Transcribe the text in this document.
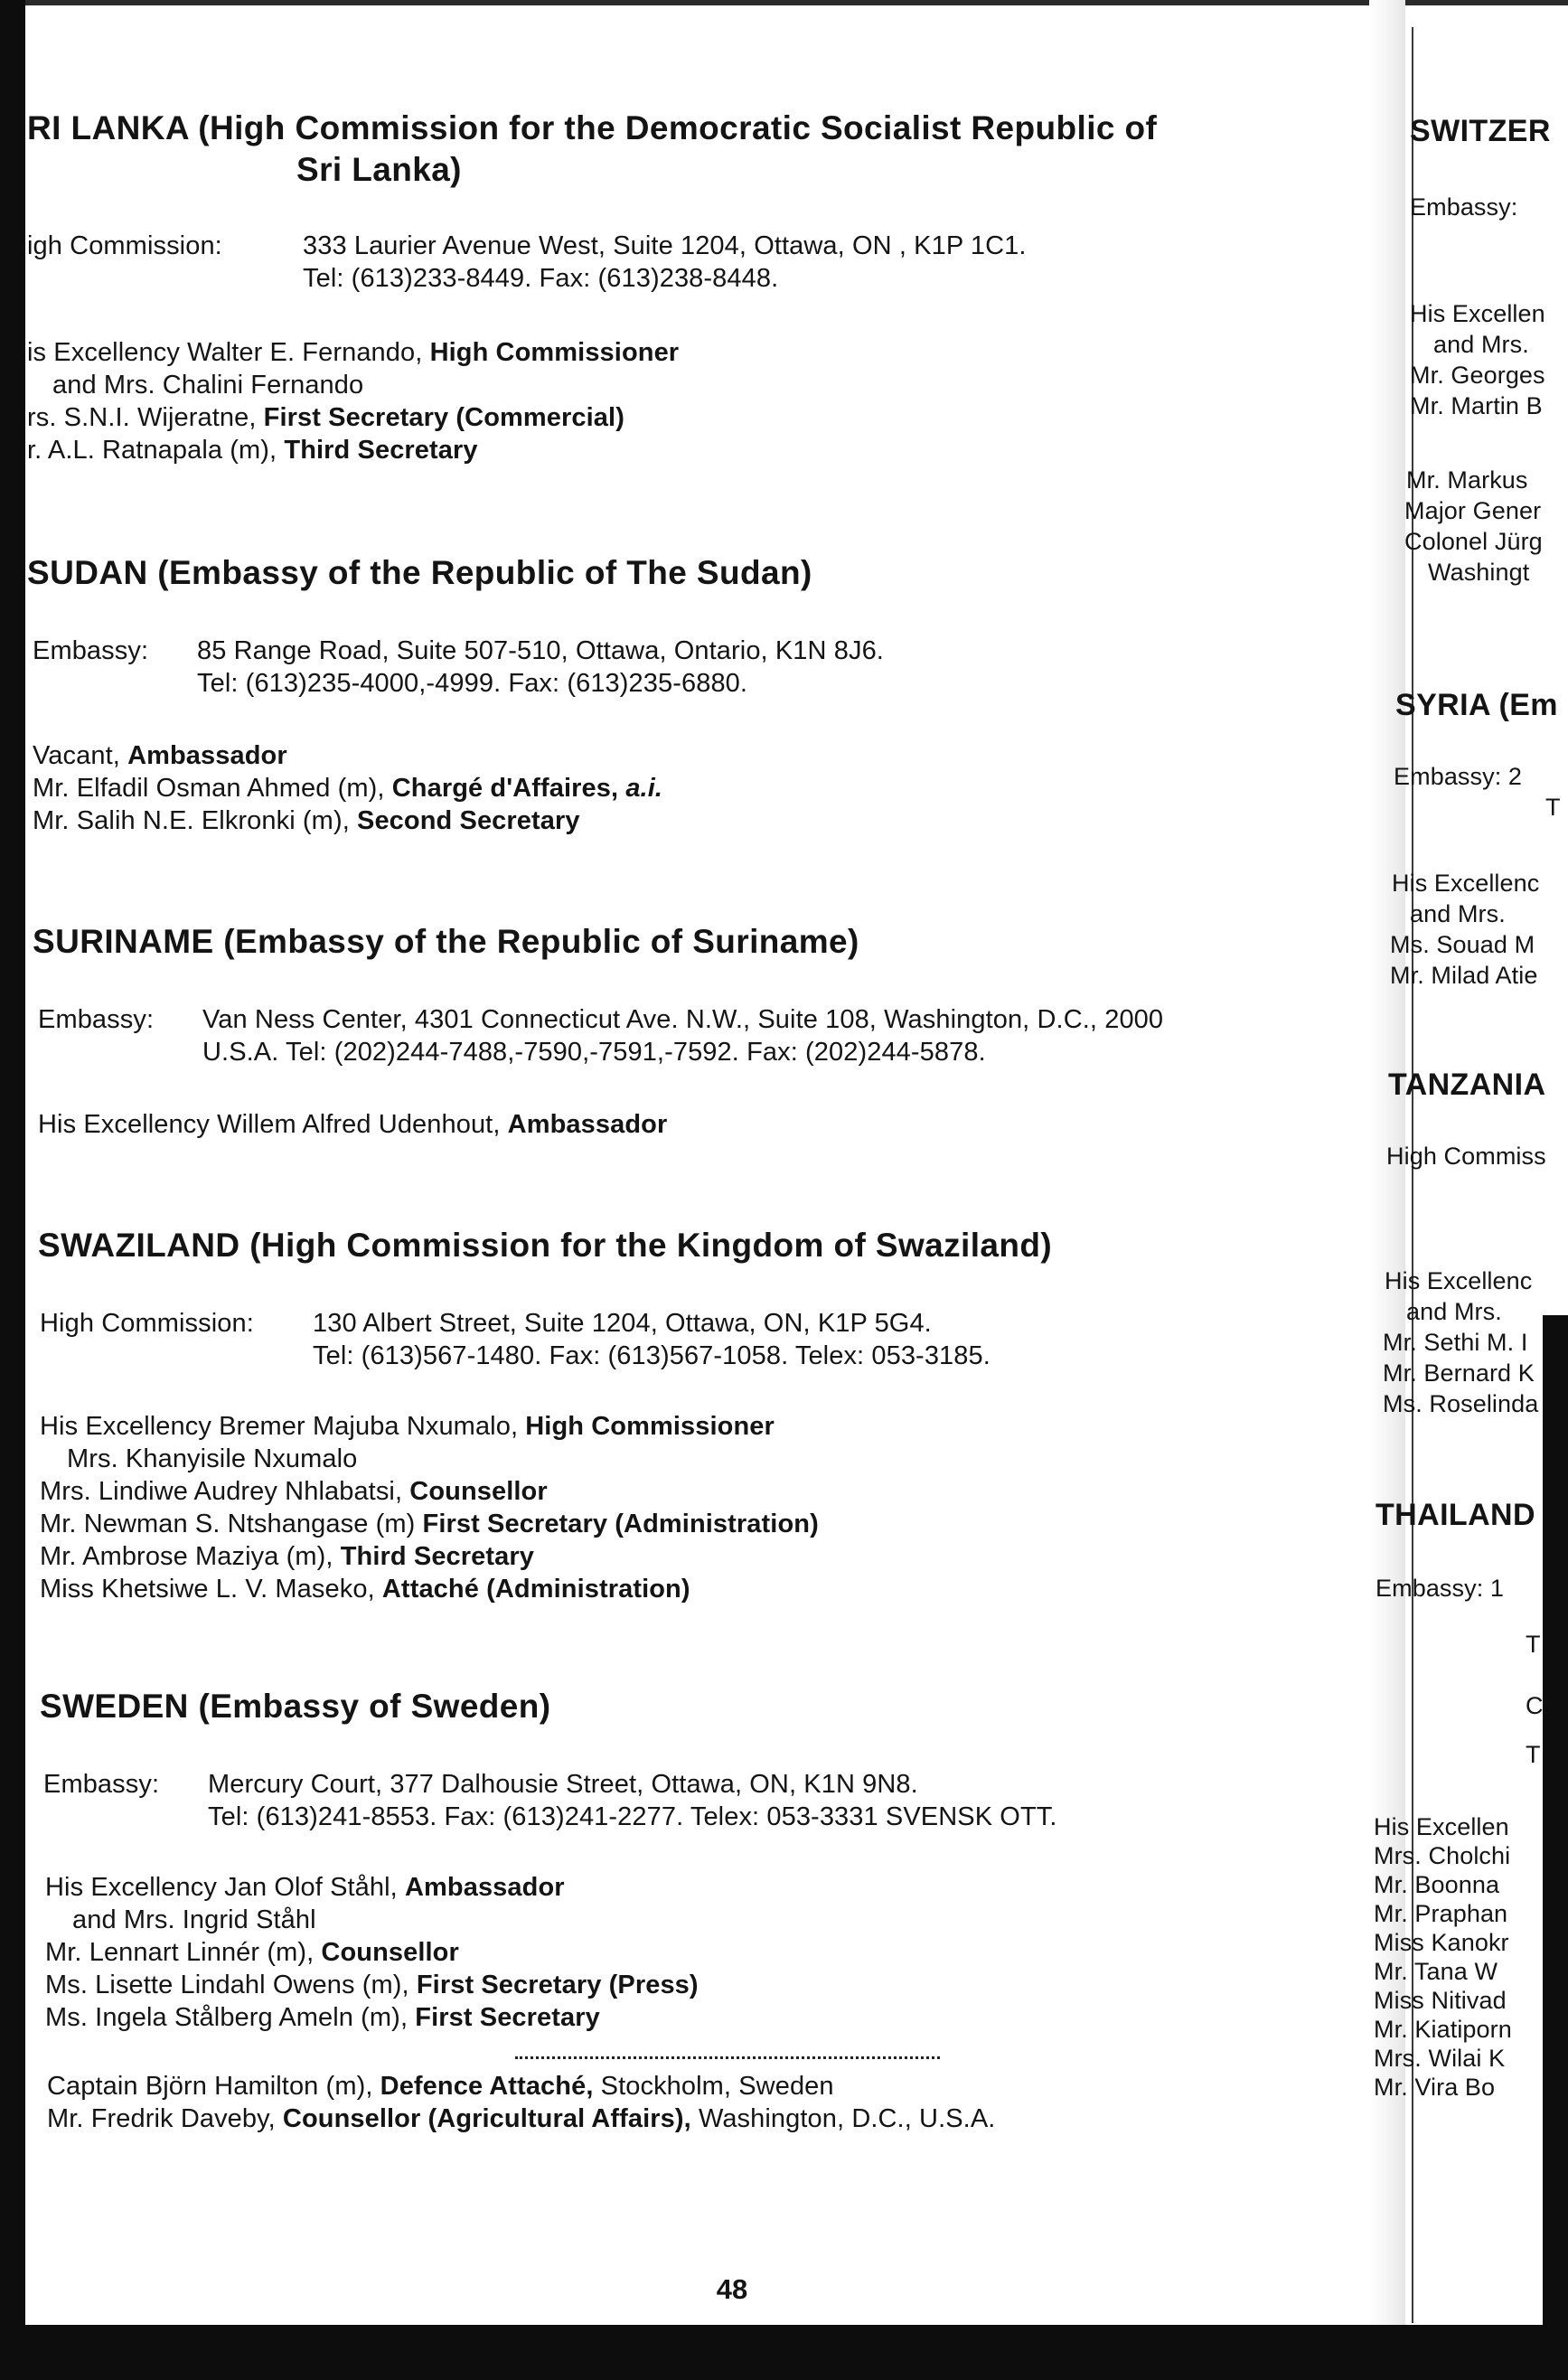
RI LANKA (High Commission for the Democratic Socialist Republic of
Sri Lanka)
igh Commission:	333 Laurier Avenue West, Suite 1204, Ottawa, ON , K1P 1C1.
Tel: (613)233-8449. Fax: (613)238-8448.
is Excellency Walter E. Fernando, High Commissioner
and Mrs. Chalini Fernando
rs. S.N.I. Wijeratne, First Secretary (Commercial)
r. A.L. Ratnapala (m), Third Secretary
SUDAN (Embassy of the Republic of The Sudan)
Embassy: 85 Range Road, Suite 507-510, Ottawa, Ontario, K1N 8J6.
Tel: (613)235-4000,-4999. Fax: (613)235-6880.
Vacant, Ambassador
Mr. Elfadil Osman Ahmed (m), Chargé d'Affaires, a.i.
Mr. Salih N.E. Elkronki (m), Second Secretary
SURINAME (Embassy of the Republic of Suriname)
Embassy: Van Ness Center, 4301 Connecticut Ave. N.W., Suite 108, Washington, D.C., 2000
U.S.A. Tel: (202)244-7488,-7590,-7591,-7592. Fax: (202)244-5878.
His Excellency Willem Alfred Udenhout, Ambassador
SWAZILAND (High Commission for the Kingdom of Swaziland)
High Commission: 130 Albert Street, Suite 1204, Ottawa, ON, K1P 5G4.
Tel: (613)567-1480. Fax: (613)567-1058. Telex: 053-3185.
His Excellency Bremer Majuba Nxumalo, High Commissioner
Mrs. Khanyisile Nxumalo
Mrs. Lindiwe Audrey Nhlabatsi, Counsellor
Mr. Newman S. Ntshangase (m) First Secretary (Administration)
Mr. Ambrose Maziya (m), Third Secretary
Miss Khetsiwe L. V. Maseko, Attaché (Administration)
SWEDEN (Embassy of Sweden)
Embassy: Mercury Court, 377 Dalhousie Street, Ottawa, ON, K1N 9N8.
Tel: (613)241-8553. Fax: (613)241-2277. Telex: 053-3331 SVENSK OTT.
His Excellency Jan Olof Ståhl, Ambassador
and Mrs. Ingrid Ståhl
Mr. Lennart Linnér (m), Counsellor
Ms. Lisette Lindahl Owens (m), First Secretary (Press)
Ms. Ingela Stålberg Ameln (m), First Secretary
Captain Björn Hamilton (m), Defence Attaché, Stockholm, Sweden
Mr. Fredrik Daveby, Counsellor (Agricultural Affairs), Washington, D.C., U.S.A.
48
SWITZER
Embassy:
His Excellen
and Mrs.
Mr. Georges
Mr. Martin B
Mr. Markus
Major Gener
Colonel Jürg
Washingt
SYRIA (Em
Embassy: 2
T
His Excellenc
and Mrs.
Ms. Souad M
Mr. Milad Atie
TANZANIA
High Commiss
His Excellenc
and Mrs.
Mr. Sethi M. I
Mr. Bernard K
Ms. Roselinda
THAILAND
Embassy: 1
T
C
T
His Excellen
Mrs. Cholchi
Mr. Boonna
Mr. Praphan
Miss Kanokr
Mr. Tana W
Miss Nitivad
Mr. Kiatiporn
Mrs. Wilai K
Mr. Vira Bo
